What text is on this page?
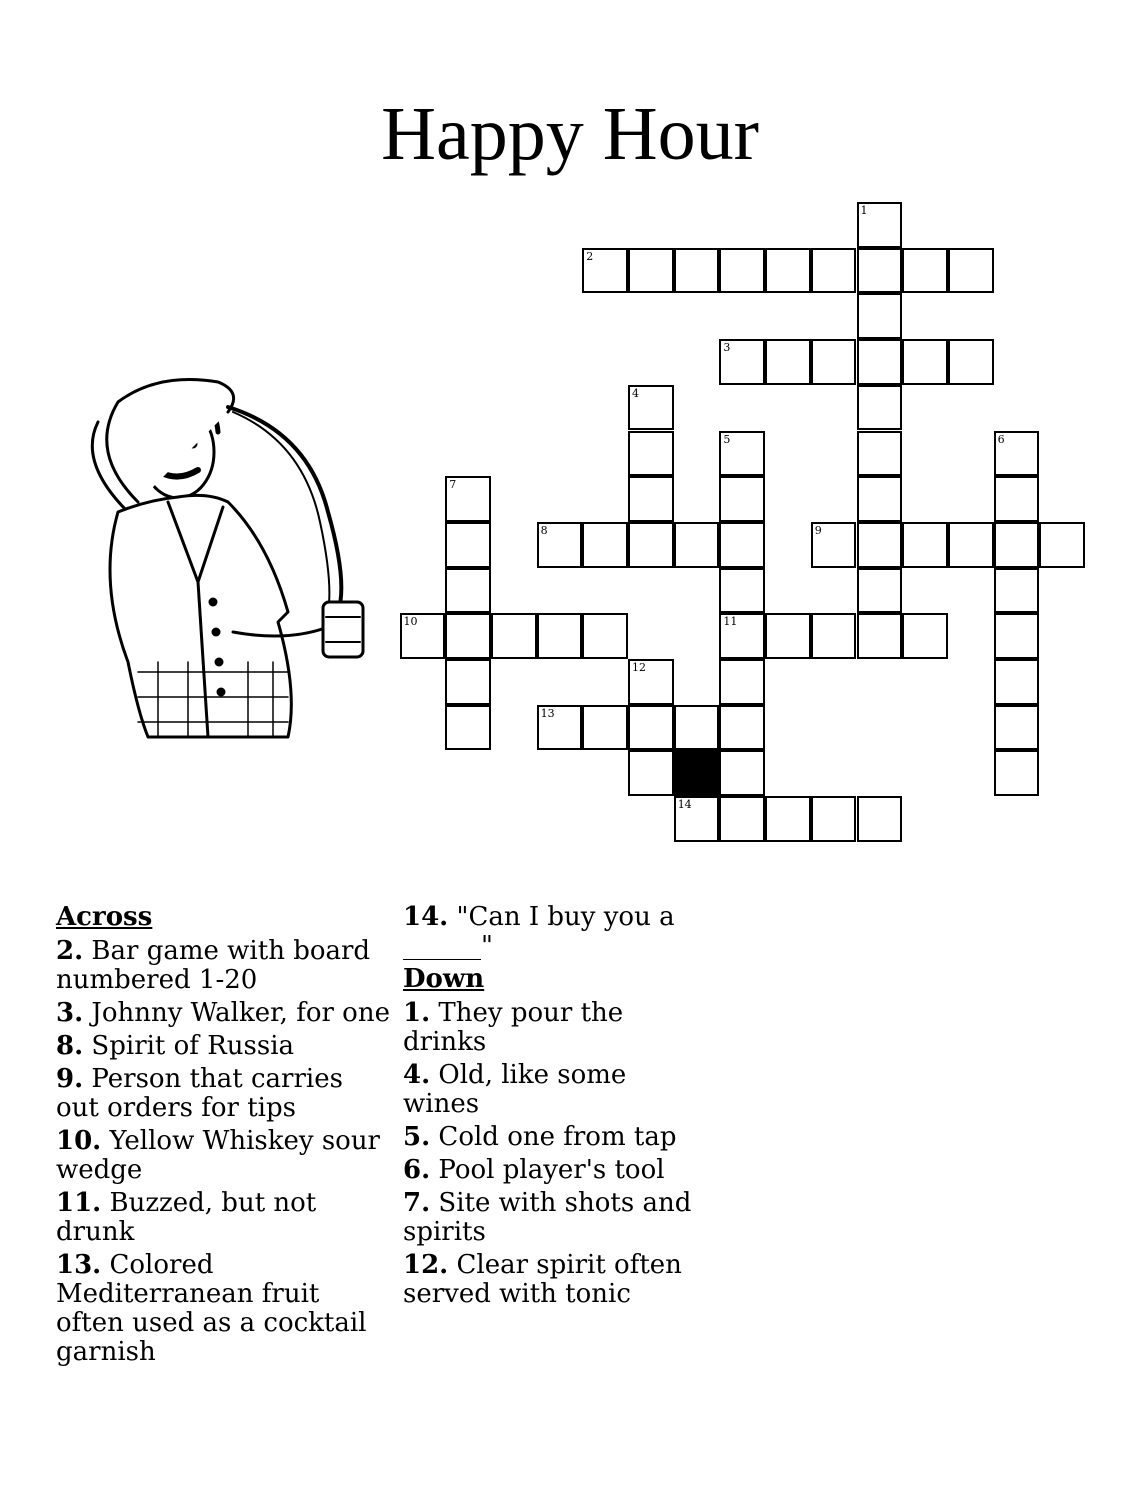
Happy Hour
1
2
3
4
5	6
7
8	9
10	11
12
13
14
Across
2. Bar game with board numbered 1-20
3. Johnny Walker, for one
8. Spirit of Russia
9. Person that carries out orders for tips
10. Yellow Whiskey sour wedge
11. Buzzed, but not drunk
13. Colored Mediterranean fruit often used as a cocktail garnish
14. "Can I buy you a ______"
Down
1. They pour the drinks
4. Old, like some wines
5. Cold one from tap
6. Pool player's tool
7. Site with shots and spirits
12. Clear spirit often served with tonic
